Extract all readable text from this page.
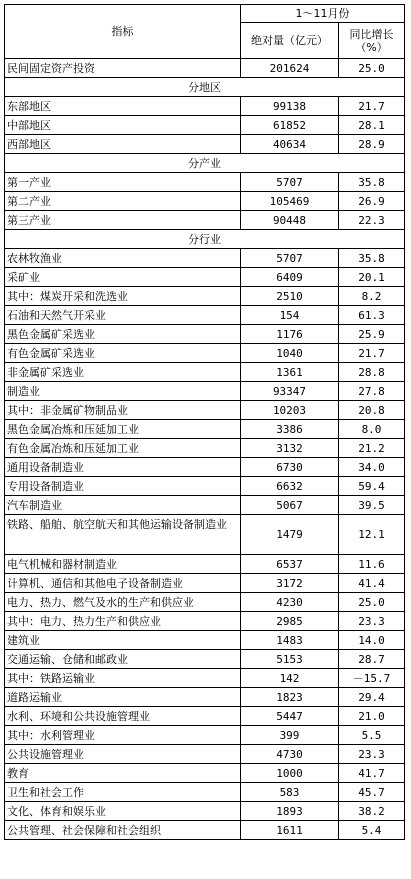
指标	1～11月份	
	绝对量（亿元）	同比增长
（%）

民间固定资产投资	201624	25.0
分地区		
东部地区	99138	21.7
中部地区	61852	28.1
西部地区	40634	28.9
分产业		
第一产业	5707	35.8
第二产业	105469	26.9
第三产业	90448	22.3
分行业		
农林牧渔业	5707	35.8
采矿业	6409	20.1
其中：煤炭开采和洗选业	2510	8.2
石油和天然气开采业	154	61.3
黑色金属矿采选业	1176	25.9
有色金属矿采选业	1040	21.7
非金属矿采选业	1361	28.8
制造业	93347	27.8
其中：非金属矿物制品业	10203	20.8
黑色金属冶炼和压延加工业	3386	8.0
有色金属冶炼和压延加工业	3132	21.2
通用设备制造业	6730	34.0
专用设备制造业	6632	59.4
汽车制造业	5067	39.5
铁路、船舶、航空航天和其他运输设备制造业	1479	12.1
电气机械和器材制造业	6537	11.6
计算机、通信和其他电子设备制造业	3172	41.4
电力、热力、燃气及水的生产和供应业	4230	25.0
其中：电力、热力生产和供应业	2985	23.3
建筑业	1483	14.0
交通运输、仓储和邮政业	5153	28.7
其中：铁路运输业	142	－15.7
道路运输业	1823	29.4
水利、环境和公共设施管理业	5447	21.0
其中：水利管理业	399	5.5
公共设施管理业	4730	23.3
教育	1000	41.7
卫生和社会工作	583	45.7
文化、体育和娱乐业	1893	38.2
公共管理、社会保障和社会组织	1611	5.4
